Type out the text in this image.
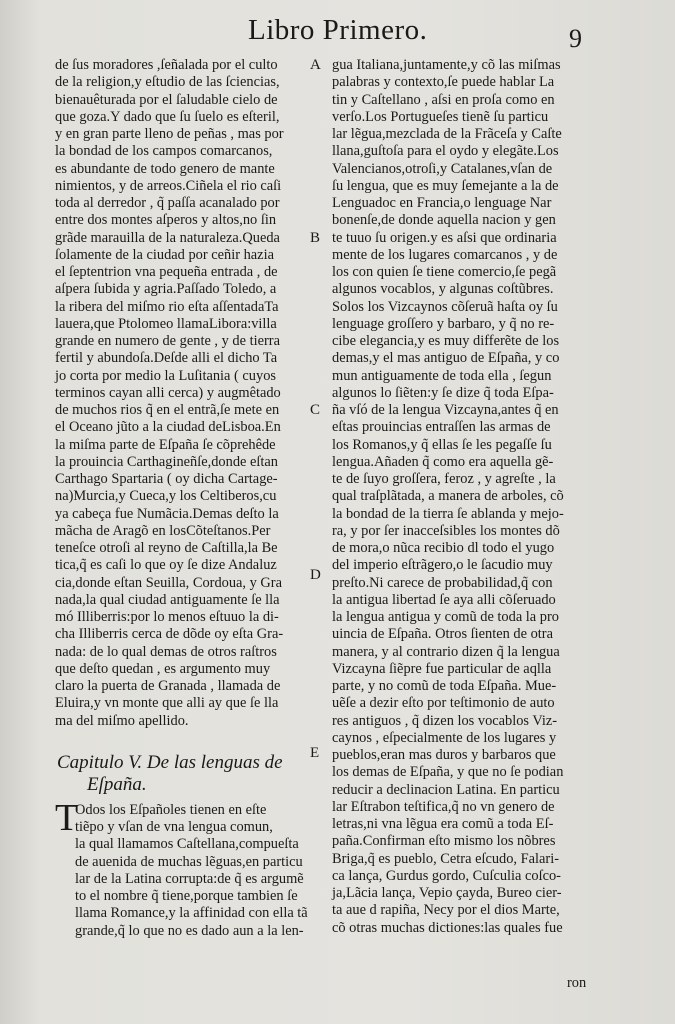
Libro Primero.	9
A
B
C
D
E
de ſus moradores ,ſeñalada por el culto
de la religion,y eſtudio de las ſciencias,
bienauêturada por el ſaludable cielo de
que goza.Y dado que ſu ſuelo es eſteril,
y en gran parte lleno de peñas , mas por
la bondad de los campos comarcanos,
es abundante de todo genero de mante
nimientos, y de arreos.Ciñela el rio caſi
toda al derredor , q̃ paſſa acanalado por
entre dos montes aſperos y altos,no ſin
grãde marauilla de la naturaleza.Queda
ſolamente de la ciudad por ceñir hazia
el ſeptentrion vna pequeña entrada , de
aſpera ſubida y agria.Paſſado Toledo, a
la ribera del miſmo rio eſta aſſentadaTa
lauera,que Ptolomeo llamaLibora:villa
grande en numero de gente , y de tierra
fertil y abundoſa.Deſde alli el dicho Ta
jo corta por medio la Luſitania ( cuyos
terminos cayan alli cerca) y augmêtado
de muchos rios q̃ en el entrã,ſe mete en
el Oceano jũto a la ciudad deLisboa.En
la miſma parte de Eſpaña ſe cõprehêde
la prouincia Carthagineñſe,donde eſtan
Carthago Spartaria ( oy dicha Cartage-
na)Murcia,y Cueca,y los Celtiberos,cu
ya cabeça fue Numãcia.Demas deſto la
mãcha de Aragõ en losCõteſtanos.Per
teneſce otroſi al reyno de Caſtilla,la Be
tica,q̃ es caſi lo que oy ſe dize Andaluz
cia,donde eſtan Seuilla, Cordoua, y Gra
nada,la qual ciudad antiguamente ſe lla
mó Illiberris:por lo menos eſtuuo la di-
cha Illiberris cerca de dõde oy eſta Gra-
nada: de lo qual demas de otros raſtros
que deſto quedan , es argumento muy
claro la puerta de Granada , llamada de
Eluira,y vn monte que alli ay que ſe lla
ma del miſmo apellido.
Capitulo V. De las lenguas de
Eſpaña.
T
Odos los Eſpañoles tienen en eſte
tiẽpo y vſan de vna lengua comun,
la qual llamamos Caſtellana,compueſta
de auenida de muchas lẽguas,en particu
lar de la Latina corrupta:de q̃ es argumẽ
to el nombre q̃ tiene,porque tambien ſe
llama Romance,y la affinidad con ella tã
grande,q̃ lo que no es dado aun a la len-
gua Italiana,juntamente,y cõ las miſmas
palabras y contexto,ſe puede hablar La
tin y Caſtellano , aſsi en proſa como en
verſo.Los Portugueſes tienẽ ſu particu
lar lẽgua,mezclada de la Frãceſa y Caſte
llana,guſtoſa para el oydo y elegãte.Los
Valencianos,otroſi,y Catalanes,vſan de
ſu lengua, que es muy ſemejante a la de
Lenguadoc en Francia,o lenguage Nar
bonenſe,de donde aquella nacion y gen
te tuuo ſu origen.y es aſsi que ordinaria
mente de los lugares comarcanos , y de
los con quien ſe tiene comercio,ſe pegã
algunos vocablos, y algunas coſtũbres.
Solos los Vizcaynos cõſeruã haſta oy ſu
lenguage groſſero y barbaro, y q̃ no re-
cibe elegancia,y es muy differẽte de los
demas,y el mas antiguo de Eſpaña, y co
mun antiguamente de toda ella , ſegun
algunos lo ſiẽten:y ſe dize q̃ toda Eſpa-
ña vſó de la lengua Vizcayna,antes q̃ en
eſtas prouincias entraſſen las armas de
los Romanos,y q̃ ellas ſe les pegaſſe ſu
lengua.Añaden q̃ como era aquella gẽ-
te de ſuyo groſſera, feroz , y agreſte , la
qual traſplãtada, a manera de arboles, cõ
la bondad de la tierra ſe ablanda y mejo-
ra, y por ſer inacceſsibles los montes dõ
de mora,o nũca recibio dl todo el yugo
del imperio eſtrãgero,o le ſacudio muy
preſto.Ni carece de probabilidad,q̃ con
la antigua libertad ſe aya alli cõſeruado
la lengua antigua y comũ de toda la pro
uincia de Eſpaña. Otros ſienten de otra
manera, y al contrario dizen q̃ la lengua
Vizcayna ſiẽpre fue particular de aqlla
parte, y no comũ de toda Eſpaña. Mue-
uẽſe a dezir eſto por teſtimonio de auto
res antiguos , q̃ dizen los vocablos Viz-
caynos , eſpecialmente de los lugares y
pueblos,eran mas duros y barbaros que
los demas de Eſpaña, y que no ſe podian
reducir a declinacion Latina. En particu
lar Eſtrabon teſtifica,q̃ no vn genero de
letras,ni vna lẽgua era comũ a toda Eſ-
paña.Confirman eſto mismo los nõbres
Briga,q̃ es pueblo, Cetra eſcudo, Falari-
ca lança, Gurdus gordo, Cuſculia coſco-
ja,Lãcia lança, Vepio çayda, Bureo cier-
ta aue d rapiña, Necy por el dios Marte,
cõ otras muchas dictiones:las quales fue
ron
